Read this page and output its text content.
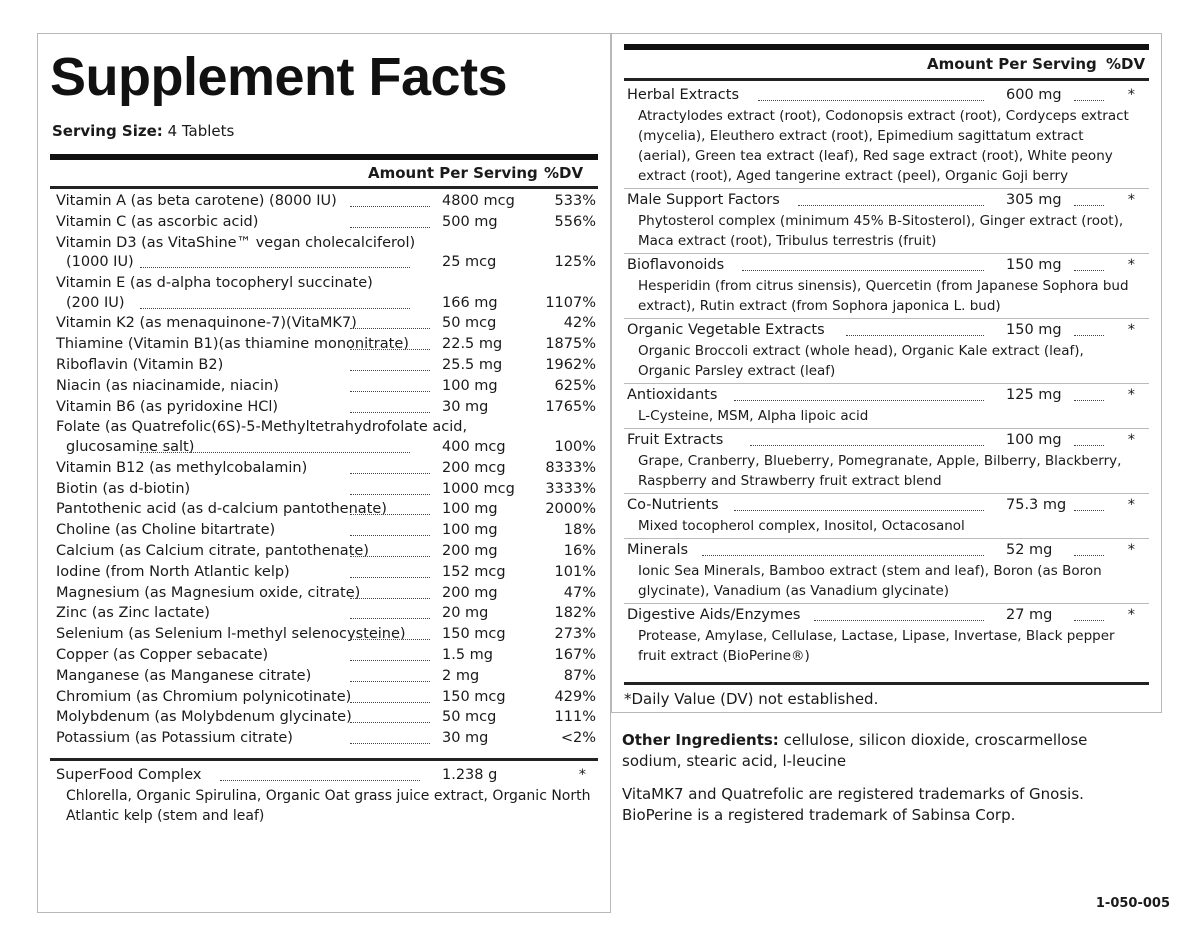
Supplement Facts
Serving Size: 4 Tablets
Amount Per Serving %DV
Vitamin A (as beta carotene) (8000 IU)	4800 mcg	533%
Vitamin C (as ascorbic acid)	500 mg	556%
Vitamin D3 (as VitaShine™ vegan cholecalciferol)
(1000 IU)	25 mcg	125%
Vitamin E (as d-alpha tocopheryl succinate)
(200 IU)	166 mg	1107%
Vitamin K2 (as menaquinone-7)(VitaMK7)	50 mcg	42%
Thiamine (Vitamin B1)(as thiamine mononitrate) 22.5 mg	1875%
Riboflavin (Vitamin B2)	25.5 mg	1962%
Niacin (as niacinamide, niacin)	100 mg	625%
Vitamin B6 (as pyridoxine HCl)	30 mg	1765%
Folate (as Quatrefolic(6S)-5-Methyltetrahydrofolate acid,
glucosamine salt)	400 mcg	100%
Vitamin B12 (as methylcobalamin)	200 mcg	8333%
Biotin (as d-biotin)	1000 mcg 3333%
Pantothenic acid (as d-calcium pantothenate)	100 mg	2000%
Choline (as Choline bitartrate)	100 mg	18%
Calcium (as Calcium citrate, pantothenate)	200 mg	16%
Iodine (from North Atlantic kelp)	152 mcg	101%
Magnesium (as Magnesium oxide, citrate)	200 mg	47%
Zinc (as Zinc lactate)	20 mg	182%
Selenium (as Selenium l-methyl selenocysteine)	150 mcg	273%
Copper (as Copper sebacate)	1.5 mg	167%
Manganese (as Manganese citrate)	2 mg	87%
Chromium (as Chromium polynicotinate)	150 mcg	429%
Molybdenum (as Molybdenum glycinate)	50 mcg	111%
Potassium (as Potassium citrate)	30 mg	<2%
SuperFood Complex	1.238 g	*
Chlorella, Organic Spirulina, Organic Oat grass juice extract, Organic North
Atlantic kelp (stem and leaf)
Amount Per Serving %DV
Herbal Extracts	600 mg	*
Atractylodes extract (root), Codonopsis extract (root), Cordyceps extract
(mycelia), Eleuthero extract (root), Epimedium sagittatum extract
(aerial), Green tea extract (leaf), Red sage extract (root), White peony
extract (root), Aged tangerine extract (peel), Organic Goji berry
Male Support Factors	305 mg	*
Phytosterol complex (minimum 45% B-Sitosterol), Ginger extract (root),
Maca extract (root), Tribulus terrestris (fruit)
Bioflavonoids	150 mg	*
Hesperidin (from citrus sinensis), Quercetin (from Japanese Sophora bud
extract), Rutin extract (from Sophora japonica L. bud)
Organic Vegetable Extracts	150 mg	*
Organic Broccoli extract (whole head), Organic Kale extract (leaf),
Organic Parsley extract (leaf)
Antioxidants	125 mg	*
L-Cysteine, MSM, Alpha lipoic acid
Fruit Extracts	100 mg	*
Grape, Cranberry, Blueberry, Pomegranate, Apple, Bilberry, Blackberry,
Raspberry and Strawberry fruit extract blend
Co-Nutrients	75.3 mg	*
Mixed tocopherol complex, Inositol, Octacosanol
Minerals	52 mg	*
Ionic Sea Minerals, Bamboo extract (stem and leaf), Boron (as Boron
glycinate), Vanadium (as Vanadium glycinate)
Digestive Aids/Enzymes	27 mg	*
Protease, Amylase, Cellulase, Lactase, Lipase, Invertase, Black pepper
fruit extract (BioPerine®)
*Daily Value (DV) not established.
Other Ingredients: cellulose, silicon dioxide, croscarmellose
sodium, stearic acid, l-leucine
VitaMK7 and Quatrefolic are registered trademarks of Gnosis.
BioPerine is a registered trademark of Sabinsa Corp.
1-050-005
